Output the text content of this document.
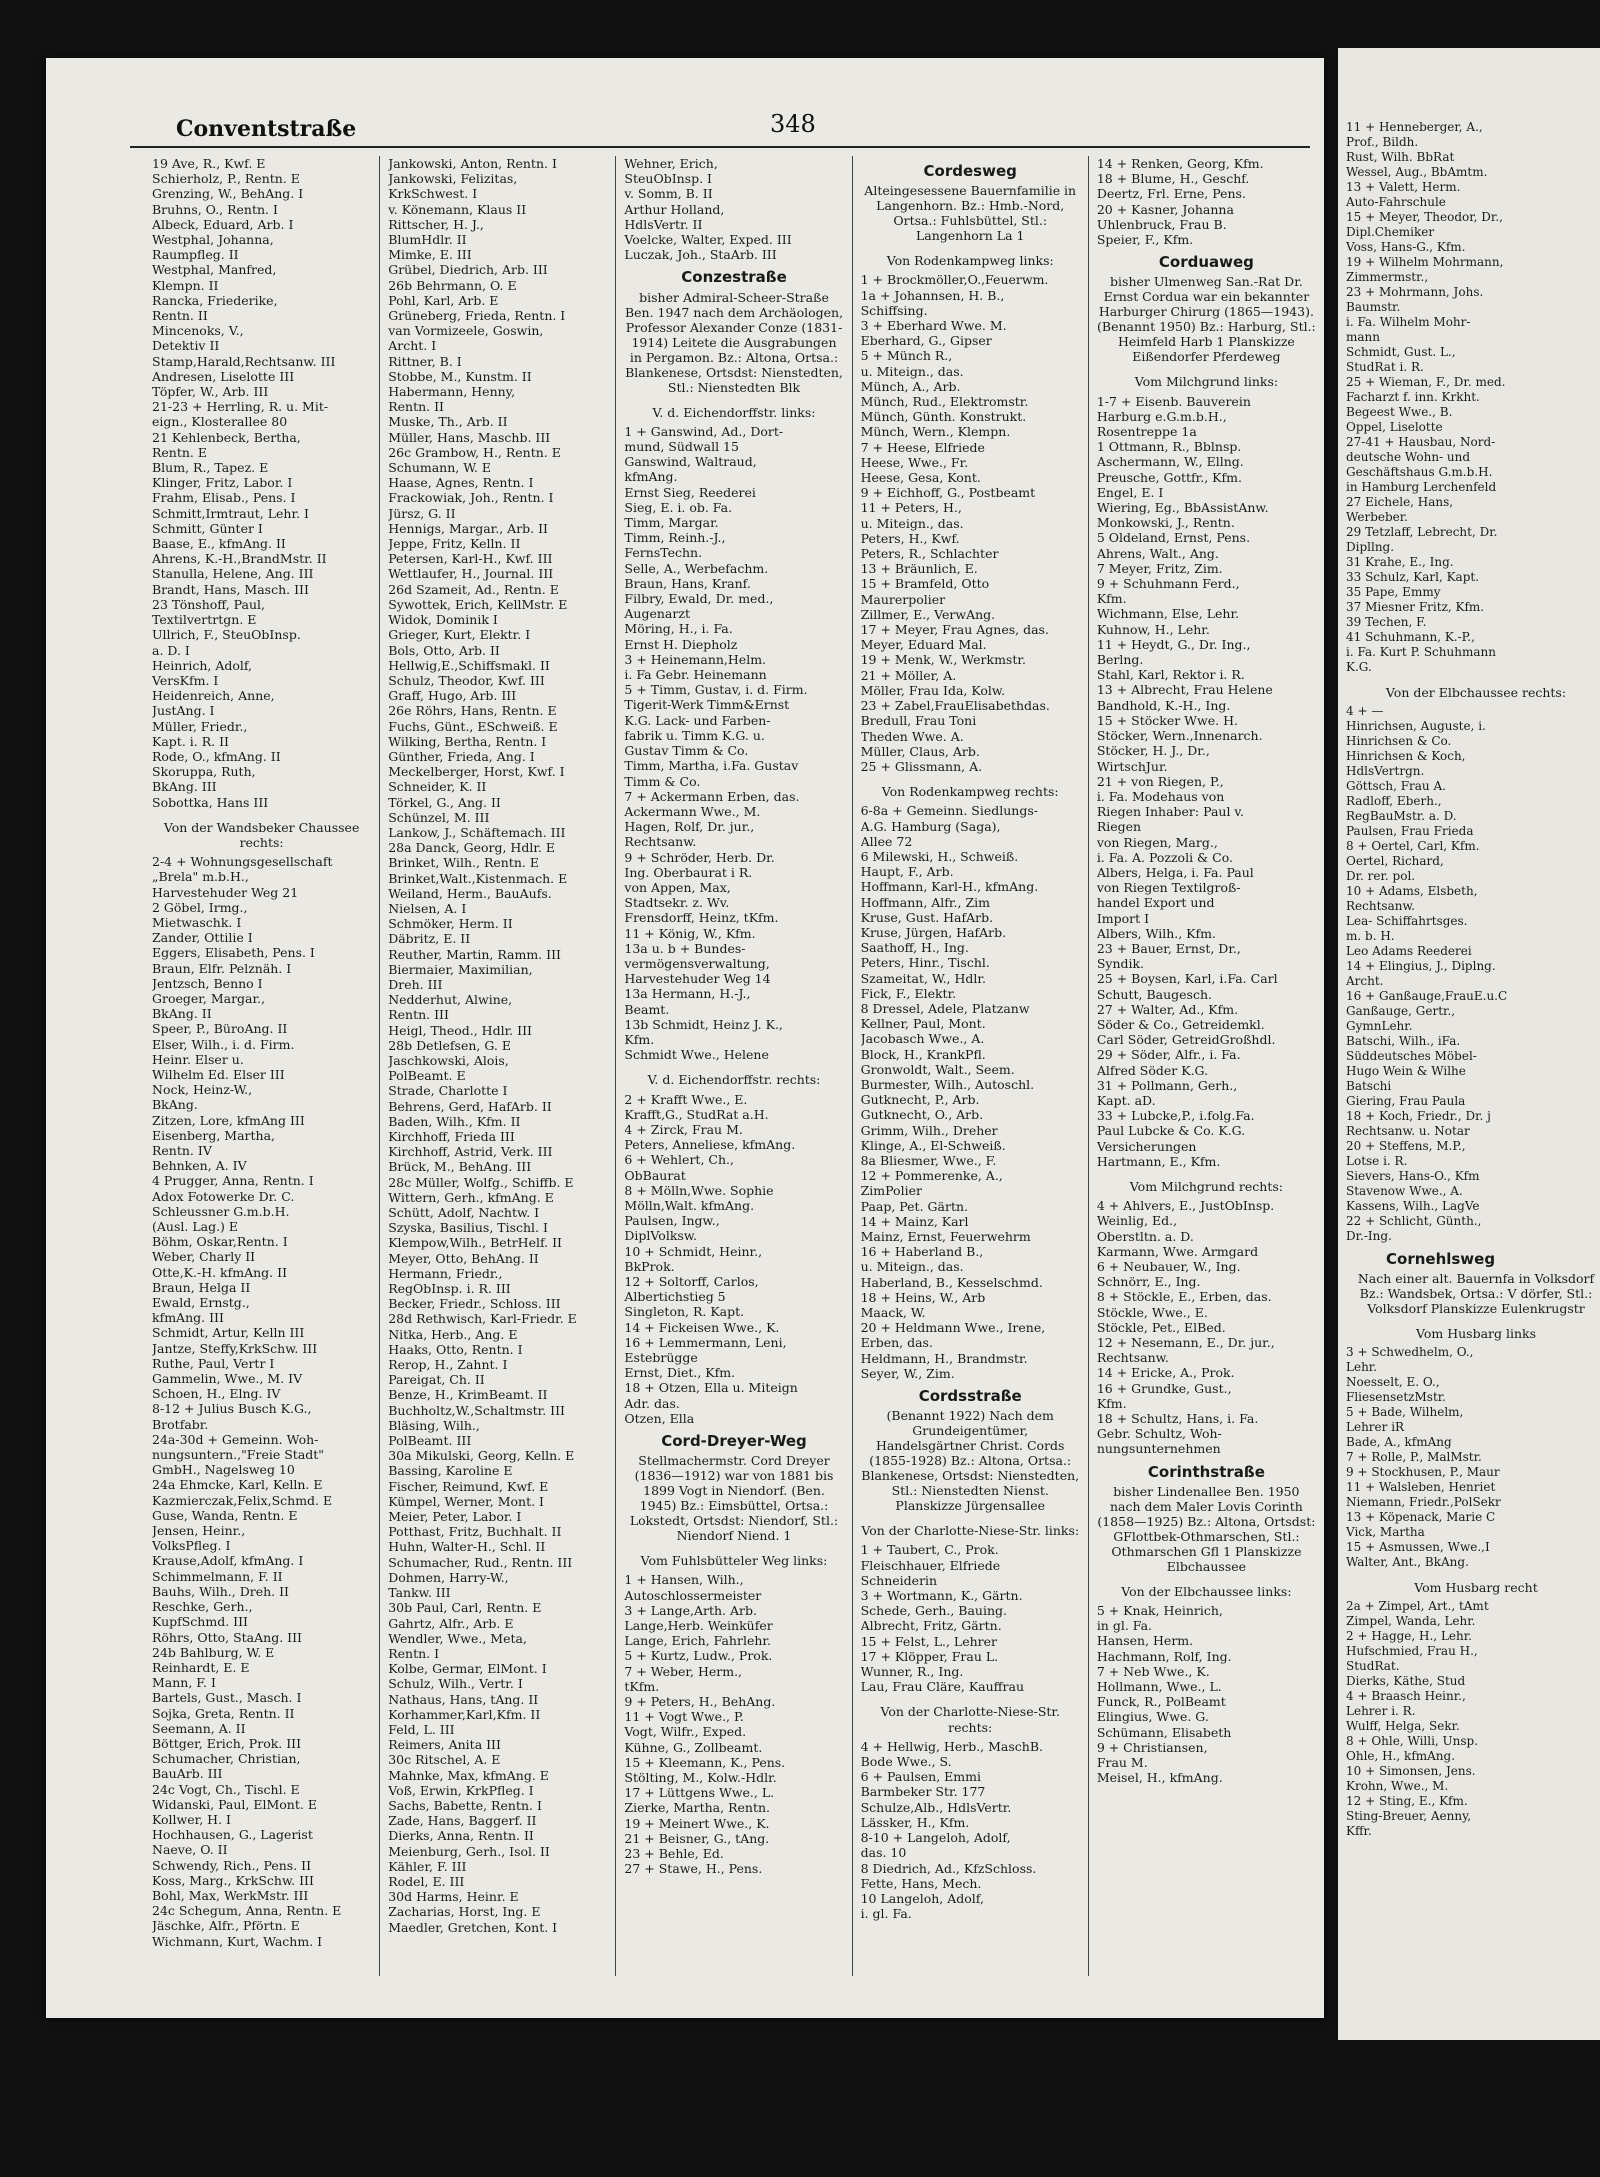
Conventstraße	348
19 Ave, R., Kwf. E
Schierholz, P., Rentn. E
Grenzing, W., BehAng. I
Bruhns, O., Rentn. I
Albeck, Eduard, Arb. I
Westphal, Johanna,
Raumpfleg. II
Westphal, Manfred,
Klempn. II
Rancka, Friederike,
Rentn. II
Mincenoks, V.,
Detektiv II
Stamp,Harald,Rechtsanw. III
Andresen, Liselotte III
Töpfer, W., Arb. III
21-23 + Herrling, R. u. Mit-
eign., Klosterallee 80
21 Kehlenbeck, Bertha,
Rentn. E
Blum, R., Tapez. E
Klinger, Fritz, Labor. I
Frahm, Elisab., Pens. I
Schmitt,Irmtraut, Lehr. I
Schmitt, Günter I
Baase, E., kfmAng. II
Ahrens, K.-H.,BrandMstr. II
Stanulla, Helene, Ang. III
Brandt, Hans, Masch. III
23 Tönshoff, Paul,
Textilvertrtgn. E
Ullrich, F., SteuObInsp.
a. D. I
Heinrich, Adolf,
VersKfm. I
Heidenreich, Anne,
JustAng. I
Müller, Friedr.,
Kapt. i. R. II
Rode, O., kfmAng. II
Skoruppa, Ruth,
BkAng. III
Sobottka, Hans III
Von der Wandsbeker Chaussee rechts:
2-4 + Wohnungsgesellschaft
„Brela" m.b.H.,
Harvestehuder Weg 21
2 Göbel, Irmg.,
Mietwaschk. I
Zander, Ottilie I
Eggers, Elisabeth, Pens. I
Braun, Elfr. Pelznäh. I
Jentzsch, Benno I
Groeger, Margar.,
BkAng. II
Speer, P., BüroAng. II
Elser, Wilh., i. d. Firm.
Heinr. Elser u.
Wilhelm Ed. Elser III
Nock, Heinz-W.,
BkAng.
Zitzen, Lore, kfmAng III
Eisenberg, Martha,
Rentn. IV
Behnken, A. IV
4 Prugger, Anna, Rentn. I
Adox Fotowerke Dr. C.
Schleussner G.m.b.H.
(Ausl. Lag.) E
Böhm, Oskar,Rentn. I
Weber, Charly II
Otte,K.-H. kfmAng. II
Braun, Helga II
Ewald, Ernstg.,
kfmAng. III
Schmidt, Artur, Kelln III
Jantze, Steffy,KrkSchw. III
Ruthe, Paul, Vertr I
Gammelin, Wwe., M. IV
Schoen, H., Elng. IV
8-12 + Julius Busch K.G.,
Brotfabr.
24a-30d + Gemeinn. Woh-
nungsuntern.,"Freie Stadt"
GmbH., Nagelsweg 10
24a Ehmcke, Karl, Kelln. E
Kazmierczak,Felix,Schmd. E
Guse, Wanda, Rentn. E
Jensen, Heinr.,
VolksPfleg. I
Krause,Adolf, kfmAng. I
Schimmelmann, F. II
Bauhs, Wilh., Dreh. II
Reschke, Gerh.,
KupfSchmd. III
Röhrs, Otto, StaAng. III
24b Bahlburg, W. E
Reinhardt, E. E
Mann, F. I
Bartels, Gust., Masch. I
Sojka, Greta, Rentn. II
Seemann, A. II
Böttger, Erich, Prok. III
Schumacher, Christian,
BauArb. III
24c Vogt, Ch., Tischl. E
Widanski, Paul, ElMont. E
Kollwer, H. I
Hochhausen, G., Lagerist
Naeve, O. II
Schwendy, Rich., Pens. II
Koss, Marg., KrkSchw. III
Bohl, Max, WerkMstr. III
24c Schegum, Anna, Rentn. E
Jäschke, Alfr., Pförtn. E
Wichmann, Kurt, Wachm. I
Jankowski, Anton, Rentn. I
Jankowski, Felizitas,
KrkSchwest. I
v. Könemann, Klaus II
Rittscher, H. J.,
BlumHdlr. II
Mimke, E. III
Grübel, Diedrich, Arb. III
26b Behrmann, O. E
Pohl, Karl, Arb. E
Grüneberg, Frieda, Rentn. I
van Vormizeele, Goswin,
Archt. I
Rittner, B. I
Stobbe, M., Kunstm. II
Habermann, Henny,
Rentn. II
Muske, Th., Arb. II
Müller, Hans, Maschb. III
26c Grambow, H., Rentn. E
Schumann, W. E
Haase, Agnes, Rentn. I
Frackowiak, Joh., Rentn. I
Jürsz, G. II
Hennigs, Margar., Arb. II
Jeppe, Fritz, Kelln. II
Petersen, Karl-H., Kwf. III
Wettlaufer, H., Journal. III
26d Szameit, Ad., Rentn. E
Sywottek, Erich, KellMstr. E
Widok, Dominik I
Grieger, Kurt, Elektr. I
Bols, Otto, Arb. II
Hellwig,E.,Schiffsmakl. II
Schulz, Theodor, Kwf. III
Graff, Hugo, Arb. III
26e Röhrs, Hans, Rentn. E
Fuchs, Günt., ESchweiß. E
Wilking, Bertha, Rentn. I
Günther, Frieda, Ang. I
Meckelberger, Horst, Kwf. I
Schneider, K. II
Törkel, G., Ang. II
Schünzel, M. III
Lankow, J., Schäftemach. III
28a Danck, Georg, Hdlr. E
Brinket, Wilh., Rentn. E
Brinket,Walt.,Kistenmach. E
Weiland, Herm., BauAufs.
Nielsen, A. I
Schmöker, Herm. II
Däbritz, E. II
Reuther, Martin, Ramm. III
Biermaier, Maximilian,
Dreh. III
Nedderhut, Alwine,
Rentn. III
Heigl, Theod., Hdlr. III
28b Detlefsen, G. E
Jaschkowski, Alois,
PolBeamt. E
Strade, Charlotte I
Behrens, Gerd, HafArb. II
Baden, Wilh., Kfm. II
Kirchhoff, Frieda III
Kirchhoff, Astrid, Verk. III
Brück, M., BehAng. III
28c Müller, Wolfg., Schiffb. E
Wittern, Gerh., kfmAng. E
Schütt, Adolf, Nachtw. I
Szyska, Basilius, Tischl. I
Klempow,Wilh., BetrHelf. II
Meyer, Otto, BehAng. II
Hermann, Friedr.,
RegObInsp. i. R. III
Becker, Friedr., Schloss. III
28d Rethwisch, Karl-Friedr. E
Nitka, Herb., Ang. E
Haaks, Otto, Rentn. I
Rerop, H., Zahnt. I
Pareigat, Ch. II
Benze, H., KrimBeamt. II
Buchholtz,W.,Schaltmstr. III
Bläsing, Wilh.,
PolBeamt. III
30a Mikulski, Georg, Kelln. E
Bassing, Karoline E
Fischer, Reimund, Kwf. E
Kümpel, Werner, Mont. I
Meier, Peter, Labor. I
Potthast, Fritz, Buchhalt. II
Huhn, Walter-H., Schl. II
Schumacher, Rud., Rentn. III
Dohmen, Harry-W.,
Tankw. III
30b Paul, Carl, Rentn. E
Gahrtz, Alfr., Arb. E
Wendler, Wwe., Meta,
Rentn. I
Kolbe, Germar, ElMont. I
Schulz, Wilh., Vertr. I
Nathaus, Hans, tAng. II
Korhammer,Karl,Kfm. II
Feld, L. III
Reimers, Anita III
30c Ritschel, A. E
Mahnke, Max, kfmAng. E
Voß, Erwin, KrkPfleg. I
Sachs, Babette, Rentn. I
Zade, Hans, Baggerf. II
Dierks, Anna, Rentn. II
Meienburg, Gerh., Isol. II
Kähler, F. III
Rodel, E. III
30d Harms, Heinr. E
Zacharias, Horst, Ing. E
Maedler, Gretchen, Kont. I
Wehner, Erich,
SteuObInsp. I
v. Somm, B. II
Arthur Holland,
HdlsVertr. II
Voelcke, Walter, Exped. III
Luczak, Joh., StaArb. III
Conzestraße
bisher Admiral-Scheer-Straße Ben. 1947 nach dem Archäologen, Professor Alexander Conze (1831-1914) Leitete die Ausgrabungen in Pergamon. Bz.: Altona, Ortsa.: Blankenese, Ortsdst: Nienstedten, Stl.: Nienstedten Blk
V. d. Eichendorffstr. links:
1 + Ganswind, Ad., Dort-
mund, Südwall 15
Ganswind, Waltraud,
kfmAng.
Ernst Sieg, Reederei
Sieg, E. i. ob. Fa.
Timm, Margar.
Timm, Reinh.-J.,
FernsTechn.
Selle, A., Werbefachm.
Braun, Hans, Kranf.
Filbry, Ewald, Dr. med.,
Augenarzt
Möring, H., i. Fa.
Ernst H. Diepholz
3 + Heinemann,Helm.
i. Fa Gebr. Heinemann
5 + Timm, Gustav, i. d. Firm.
Tigerit-Werk Timm&Ernst
K.G. Lack- und Farben-
fabrik u. Timm K.G. u.
Gustav Timm & Co.
Timm, Martha, i.Fa. Gustav
Timm & Co.
7 + Ackermann Erben, das.
Ackermann Wwe., M.
Hagen, Rolf, Dr. jur.,
Rechtsanw.
9 + Schröder, Herb. Dr.
Ing. Oberbaurat i R.
von Appen, Max,
Stadtsekr. z. Wv.
Frensdorff, Heinz, tKfm.
11 + König, W., Kfm.
13a u. b + Bundes-
vermögensverwaltung,
Harvestehuder Weg 14
13a Hermann, H.-J.,
Beamt.
13b Schmidt, Heinz J. K.,
Kfm.
Schmidt Wwe., Helene
V. d. Eichendorffstr. rechts:
2 + Krafft Wwe., E.
Krafft,G., StudRat a.H.
4 + Zirck, Frau M.
Peters, Anneliese, kfmAng.
6 + Wehlert, Ch.,
ObBaurat
8 + Mölln,Wwe. Sophie
Mölln,Walt. kfmAng.
Paulsen, Ingw.,
DiplVolksw.
10 + Schmidt, Heinr.,
BkProk.
12 + Soltorff, Carlos,
Albertichstieg 5
Singleton, R. Kapt.
14 + Fickeisen Wwe., K.
16 + Lemmermann, Leni,
Estebrügge
Ernst, Diet., Kfm.
18 + Otzen, Ella u. Miteign
Adr. das.
Otzen, Ella
Cord-Dreyer-Weg
Stellmachermstr. Cord Dreyer (1836—1912) war von 1881 bis 1899 Vogt in Niendorf. (Ben. 1945) Bz.: Eimsbüttel, Ortsa.: Lokstedt, Ortsdst: Niendorf, Stl.: Niendorf Niend. 1
Vom Fuhlsbütteler Weg links:
1 + Hansen, Wilh.,
Autoschlossermeister
3 + Lange,Arth. Arb.
Lange,Herb. Weinküfer
Lange, Erich, Fahrlehr.
5 + Kurtz, Ludw., Prok.
7 + Weber, Herm.,
tKfm.
9 + Peters, H., BehAng.
11 + Vogt Wwe., P.
Vogt, Wilfr., Exped.
Kühne, G., Zollbeamt.
15 + Kleemann, K., Pens.
Stölting, M., Kolw.-Hdlr.
17 + Lüttgens Wwe., L.
Zierke, Martha, Rentn.
19 + Meinert Wwe., K.
21 + Beisner, G., tAng.
23 + Behle, Ed.
27 + Stawe, H., Pens.
Cordesweg
Alteingesessene Bauernfamilie in Langenhorn. Bz.: Hmb.-Nord, Ortsa.: Fuhlsbüttel, Stl.: Langenhorn La 1
Von Rodenkampweg links:
1 + Brockmöller,O.,Feuerwm.
1a + Johannsen, H. B.,
Schiffsing.
3 + Eberhard Wwe. M.
Eberhard, G., Gipser
5 + Münch R.,
u. Miteign., das.
Münch, A., Arb.
Münch, Rud., Elektromstr.
Münch, Günth. Konstrukt.
Münch, Wern., Klempn.
7 + Heese, Elfriede
Heese, Wwe., Fr.
Heese, Gesa, Kont.
9 + Eichhoff, G., Postbeamt
11 + Peters, H.,
u. Miteign., das.
Peters, H., Kwf.
Peters, R., Schlachter
13 + Bräunlich, E.
15 + Bramfeld, Otto
Maurerpolier
Zillmer, E., VerwAng.
17 + Meyer, Frau Agnes, das.
Meyer, Eduard Mal.
19 + Menk, W., Werkmstr.
21 + Möller, A.
Möller, Frau Ida, Kolw.
23 + Zabel,FrauElisabethdas.
Bredull, Frau Toni
Theden Wwe. A.
Müller, Claus, Arb.
25 + Glissmann, A.
Von Rodenkampweg rechts:
6-8a + Gemeinn. Siedlungs-
A.G. Hamburg (Saga),
Allee 72
6 Milewski, H., Schweiß.
Haupt, F., Arb.
Hoffmann, Karl-H., kfmAng.
Hoffmann, Alfr., Zim
Kruse, Gust. HafArb.
Kruse, Jürgen, HafArb.
Saathoff, H., Ing.
Peters, Hinr., Tischl.
Szameitat, W., Hdlr.
Fick, F., Elektr.
8 Dressel, Adele, Platzanw
Kellner, Paul, Mont.
Jacobasch Wwe., A.
Block, H., KrankPfl.
Gronwoldt, Walt., Seem.
Burmester, Wilh., Autoschl.
Gutknecht, P., Arb.
Gutknecht, O., Arb.
Grimm, Wilh., Dreher
Klinge, A., El-Schweiß.
8a Bliesmer, Wwe., F.
12 + Pommerenke, A.,
ZimPolier
Paap, Pet. Gärtn.
14 + Mainz, Karl
Mainz, Ernst, Feuerwehrm
16 + Haberland B.,
u. Miteign., das.
Haberland, B., Kesselschmd.
18 + Heins, W., Arb
Maack, W.
20 + Heldmann Wwe., Irene,
Erben, das.
Heldmann, H., Brandmstr.
Seyer, W., Zim.
Cordsstraße
(Benannt 1922) Nach dem Grundeigentümer, Handelsgärtner Christ. Cords (1855-1928) Bz.: Altona, Ortsa.: Blankenese, Ortsdst: Nienstedten, Stl.: Nienstedten Nienst. Planskizze Jürgensallee
Von der Charlotte-Niese-Str. links:
1 + Taubert, C., Prok.
Fleischhauer, Elfriede
Schneiderin
3 + Wortmann, K., Gärtn.
Schede, Gerh., Bauing.
Albrecht, Fritz, Gärtn.
15 + Felst, L., Lehrer
17 + Klöpper, Frau L.
Wunner, R., Ing.
Lau, Frau Cläre, Kauffrau
Von der Charlotte-Niese-Str. rechts:
4 + Hellwig, Herb., MaschB.
Bode Wwe., S.
6 + Paulsen, Emmi
Barmbeker Str. 177
Schulze,Alb., HdlsVertr.
Lässker, H., Kfm.
8-10 + Langeloh, Adolf,
das. 10
8 Diedrich, Ad., KfzSchloss.
Fette, Hans, Mech.
10 Langeloh, Adolf,
i. gl. Fa.
14 + Renken, Georg, Kfm.
18 + Blume, H., Geschf.
Deertz, Frl. Erne, Pens.
20 + Kasner, Johanna
Uhlenbruck, Frau B.
Speier, F., Kfm.
Corduaweg
bisher Ulmenweg San.-Rat Dr. Ernst Cordua war ein bekannter Harburger Chirurg (1865—1943). (Benannt 1950) Bz.: Harburg, Stl.: Heimfeld Harb 1 Planskizze Eißendorfer Pferdeweg
Vom Milchgrund links:
1-7 + Eisenb. Bauverein
Harburg e.G.m.b.H.,
Rosentreppe 1a
1 Ottmann, R., Bblnsp.
Aschermann, W., Ellng.
Preusche, Gottfr., Kfm.
Engel, E. I
Wiering, Eg., BbAssistAnw.
Monkowski, J., Rentn.
5 Oldeland, Ernst, Pens.
Ahrens, Walt., Ang.
7 Meyer, Fritz, Zim.
9 + Schuhmann Ferd.,
Kfm.
Wichmann, Else, Lehr.
Kuhnow, H., Lehr.
11 + Heydt, G., Dr. Ing.,
Berlng.
Stahl, Karl, Rektor i. R.
13 + Albrecht, Frau Helene
Bandhold, K.-H., Ing.
15 + Stöcker Wwe. H.
Stöcker, Wern.,Innenarch.
Stöcker, H. J., Dr.,
WirtschJur.
21 + von Riegen, P.,
i. Fa. Modehaus von
Riegen Inhaber: Paul v.
Riegen
von Riegen, Marg.,
i. Fa. A. Pozzoli & Co.
Albers, Helga, i. Fa. Paul
von Riegen Textilgroß-
handel Export und
Import I
Albers, Wilh., Kfm.
23 + Bauer, Ernst, Dr.,
Syndik.
25 + Boysen, Karl, i.Fa. Carl
Schutt, Baugesch.
27 + Walter, Ad., Kfm.
Söder & Co., Getreidemkl.
Carl Söder, GetreidGroßhdl.
29 + Söder, Alfr., i. Fa.
Alfred Söder K.G.
31 + Pollmann, Gerh.,
Kapt. aD.
33 + Lubcke,P., i.folg.Fa.
Paul Lubcke & Co. K.G.
Versicherungen
Hartmann, E., Kfm.
Vom Milchgrund rechts:
4 + Ahlvers, E., JustObInsp.
Weinlig, Ed.,
Oberstltn. a. D.
Karmann, Wwe. Armgard
6 + Neubauer, W., Ing.
Schnörr, E., Ing.
8 + Stöckle, E., Erben, das.
Stöckle, Wwe., E.
Stöckle, Pet., ElBed.
12 + Nesemann, E., Dr. jur.,
Rechtsanw.
14 + Ericke, A., Prok.
16 + Grundke, Gust.,
Kfm.
18 + Schultz, Hans, i. Fa.
Gebr. Schultz, Woh-
nungsunternehmen
Corinthstraße
bisher Lindenallee Ben. 1950 nach dem Maler Lovis Corinth (1858—1925) Bz.: Altona, Ortsdst: GFlottbek-Othmarschen, Stl.: Othmarschen Gfl 1 Planskizze Elbchaussee
Von der Elbchaussee links:
5 + Knak, Heinrich,
in gl. Fa.
Hansen, Herm.
Hachmann, Rolf, Ing.
7 + Neb Wwe., K.
Hollmann, Wwe., L.
Funck, R., PolBeamt
Elingius, Wwe. G.
Schümann, Elisabeth
9 + Christiansen,
Frau M.
Meisel, H., kfmAng.
11 + Henneberger, A.,
Prof., Bildh.
Rust, Wilh. BbRat
Wessel, Aug., BbAmtm.
13 + Valett, Herm.
Auto-Fahrschule
15 + Meyer, Theodor, Dr.,
Dipl.Chemiker
Voss, Hans-G., Kfm.
19 + Wilhelm Mohrmann,
Zimmermstr.,
23 + Mohrmann, Johs.
Baumstr.
i. Fa. Wilhelm Mohr-
mann
Schmidt, Gust. L.,
StudRat i. R.
25 + Wieman, F., Dr. med.
Facharzt f. inn. Krkht.
Begeest Wwe., B.
Oppel, Liselotte
27-41 + Hausbau, Nord-
deutsche Wohn- und
Geschäftshaus G.m.b.H.
in Hamburg Lerchenfeld
27 Eichele, Hans,
Werbeber.
29 Tetzlaff, Lebrecht, Dr.
Dipllng.
31 Krahe, E., Ing.
33 Schulz, Karl, Kapt.
35 Pape, Emmy
37 Miesner Fritz, Kfm.
39 Techen, F.
41 Schuhmann, K.-P.,
i. Fa. Kurt P. Schuhmann
K.G.
Von der Elbchaussee rechts:
4 + —
Hinrichsen, Auguste, i.
Hinrichsen & Co.
Hinrichsen & Koch,
HdlsVertrgn.
Göttsch, Frau A.
Radloff, Eberh.,
RegBauMstr. a. D.
Paulsen, Frau Frieda
8 + Oertel, Carl, Kfm.
Oertel, Richard,
Dr. rer. pol.
10 + Adams, Elsbeth,
Rechtsanw.
Lea- Schiffahrtsges.
m. b. H.
Leo Adams Reederei
14 + Elingius, J., Diplng.
Archt.
16 + Ganßauge,FrauE.u.C
Ganßauge, Gertr.,
GymnLehr.
Batschi, Wilh., iFa.
Süddeutsches Möbel-
Hugo Wein & Wilhe
Batschi
Giering, Frau Paula
18 + Koch, Friedr., Dr. j
Rechtsanw. u. Notar
20 + Steffens, M.P.,
Lotse i. R.
Sievers, Hans-O., Kfm
Stavenow Wwe., A.
Kassens, Wilh., LagVe
22 + Schlicht, Günth.,
Dr.-Ing.
Cornehlsweg
Nach einer alt. Bauernfa in Volksdorf Bz.: Wandsbek, Ortsa.: V dörfer, Stl.: Volksdorf Planskizze Eulenkrugstr
Vom Husbarg links
3 + Schwedhelm, O.,
Lehr.
Noesselt, E. O.,
FliesensetzMstr.
5 + Bade, Wilhelm,
Lehrer iR
Bade, A., kfmAng
7 + Rolle, P., MalMstr.
9 + Stockhusen, P., Maur
11 + Walsleben, Henriet
Niemann, Friedr.,PolSekr
13 + Köpenack, Marie C
Vick, Martha
15 + Asmussen, Wwe.,I
Walter, Ant., BkAng.
Vom Husbarg recht
2a + Zimpel, Art., tAmt
Zimpel, Wanda, Lehr.
2 + Hagge, H., Lehr.
Hufschmied, Frau H.,
StudRat.
Dierks, Käthe, Stud
4 + Braasch Heinr.,
Lehrer i. R.
Wulff, Helga, Sekr.
8 + Ohle, Willi, Unsp.
Ohle, H., kfmAng.
10 + Simonsen, Jens.
Krohn, Wwe., M.
12 + Sting, E., Kfm.
Sting-Breuer, Aenny,
Kffr.
